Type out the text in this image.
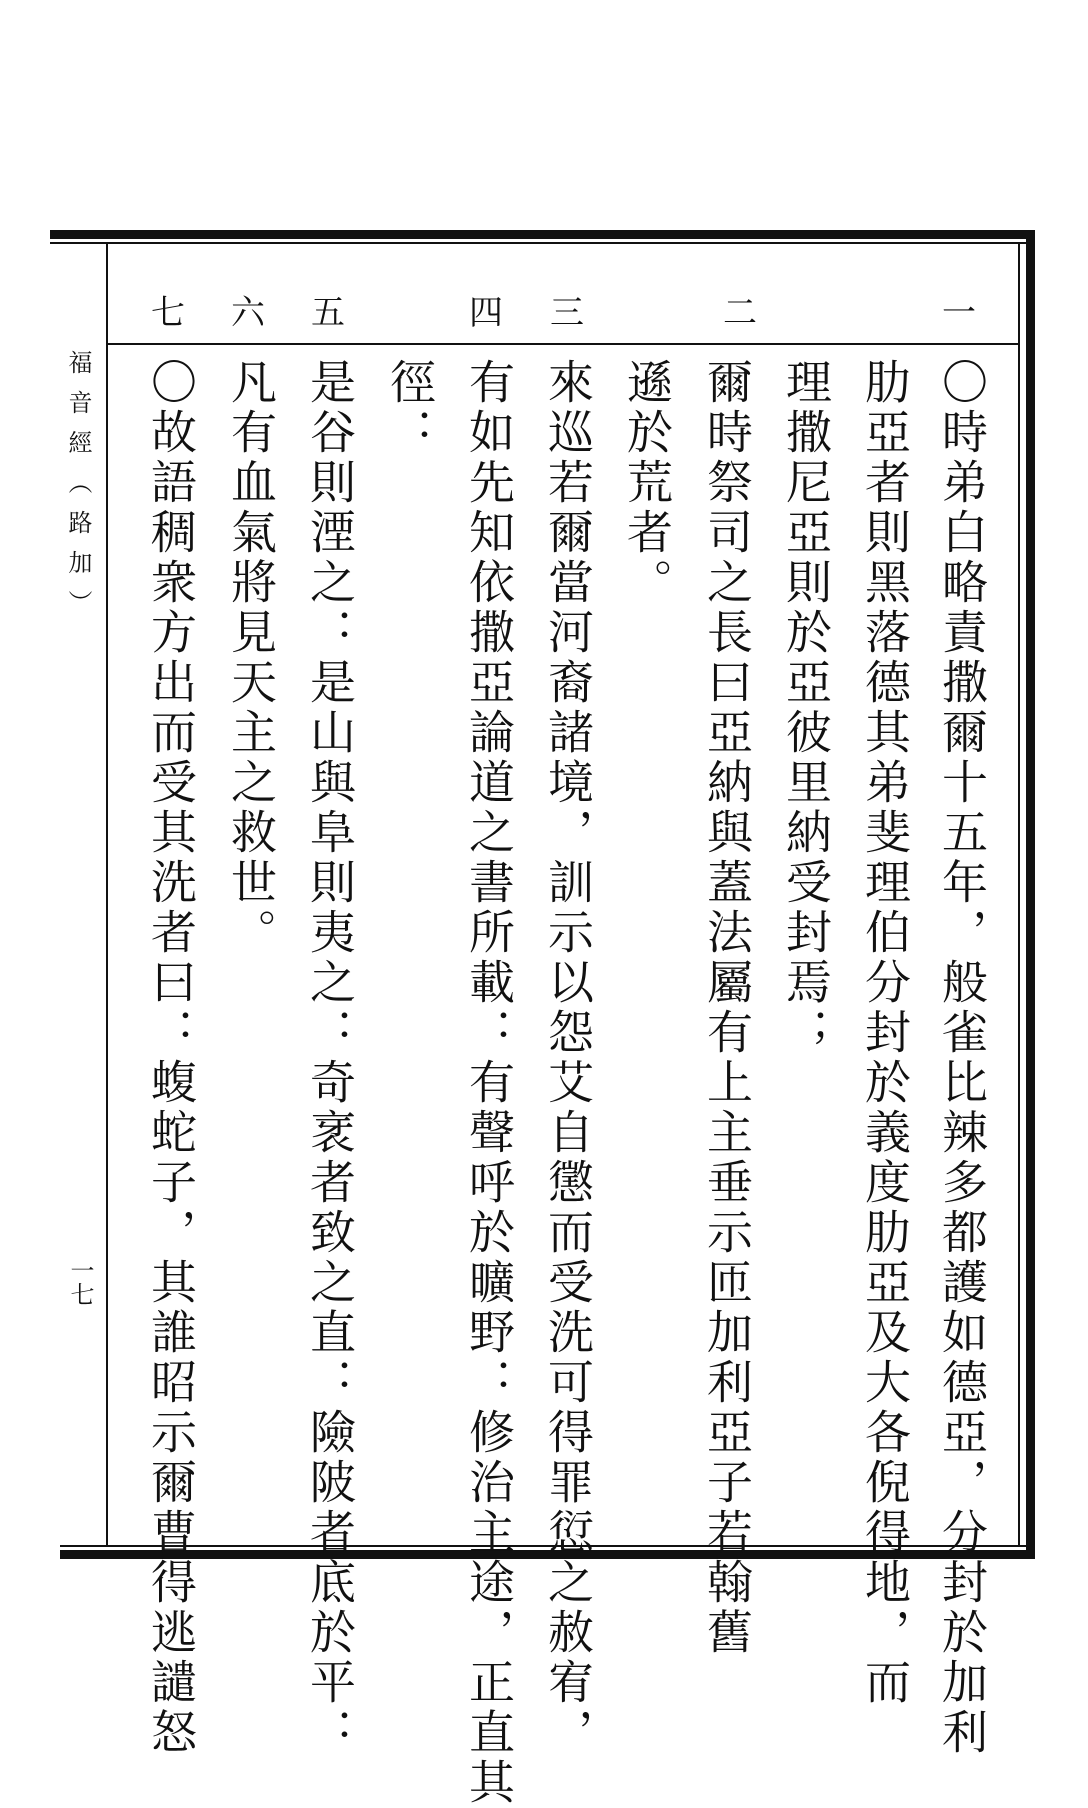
福音經（路加）
一七
一
二
三
四
五
六
七
〇時弟白略責撒爾十五年，般雀比辣多都護如德亞，分封於加利
肋亞者則黑落德其弟斐理伯分封於義度肋亞及大各倪得地，而
理撒尼亞則於亞彼里納受封焉；
爾時祭司之長曰亞納與蓋法屬有上主垂示匝加利亞子若翰舊
遜於荒者。
來巡若爾當河裔諸境，訓示以怨艾自懲而受洗可得罪愆之赦宥，
有如先知依撒亞論道之書所載：有聲呼於曠野：修治主途，正直其
徑：
是谷則湮之：是山與阜則夷之：奇衺者致之直：險陂者底於平：
凡有血氣將見天主之救世。
〇故語稠衆方出而受其洗者曰：蝮蛇子，其誰昭示爾曹得逃譴怒
